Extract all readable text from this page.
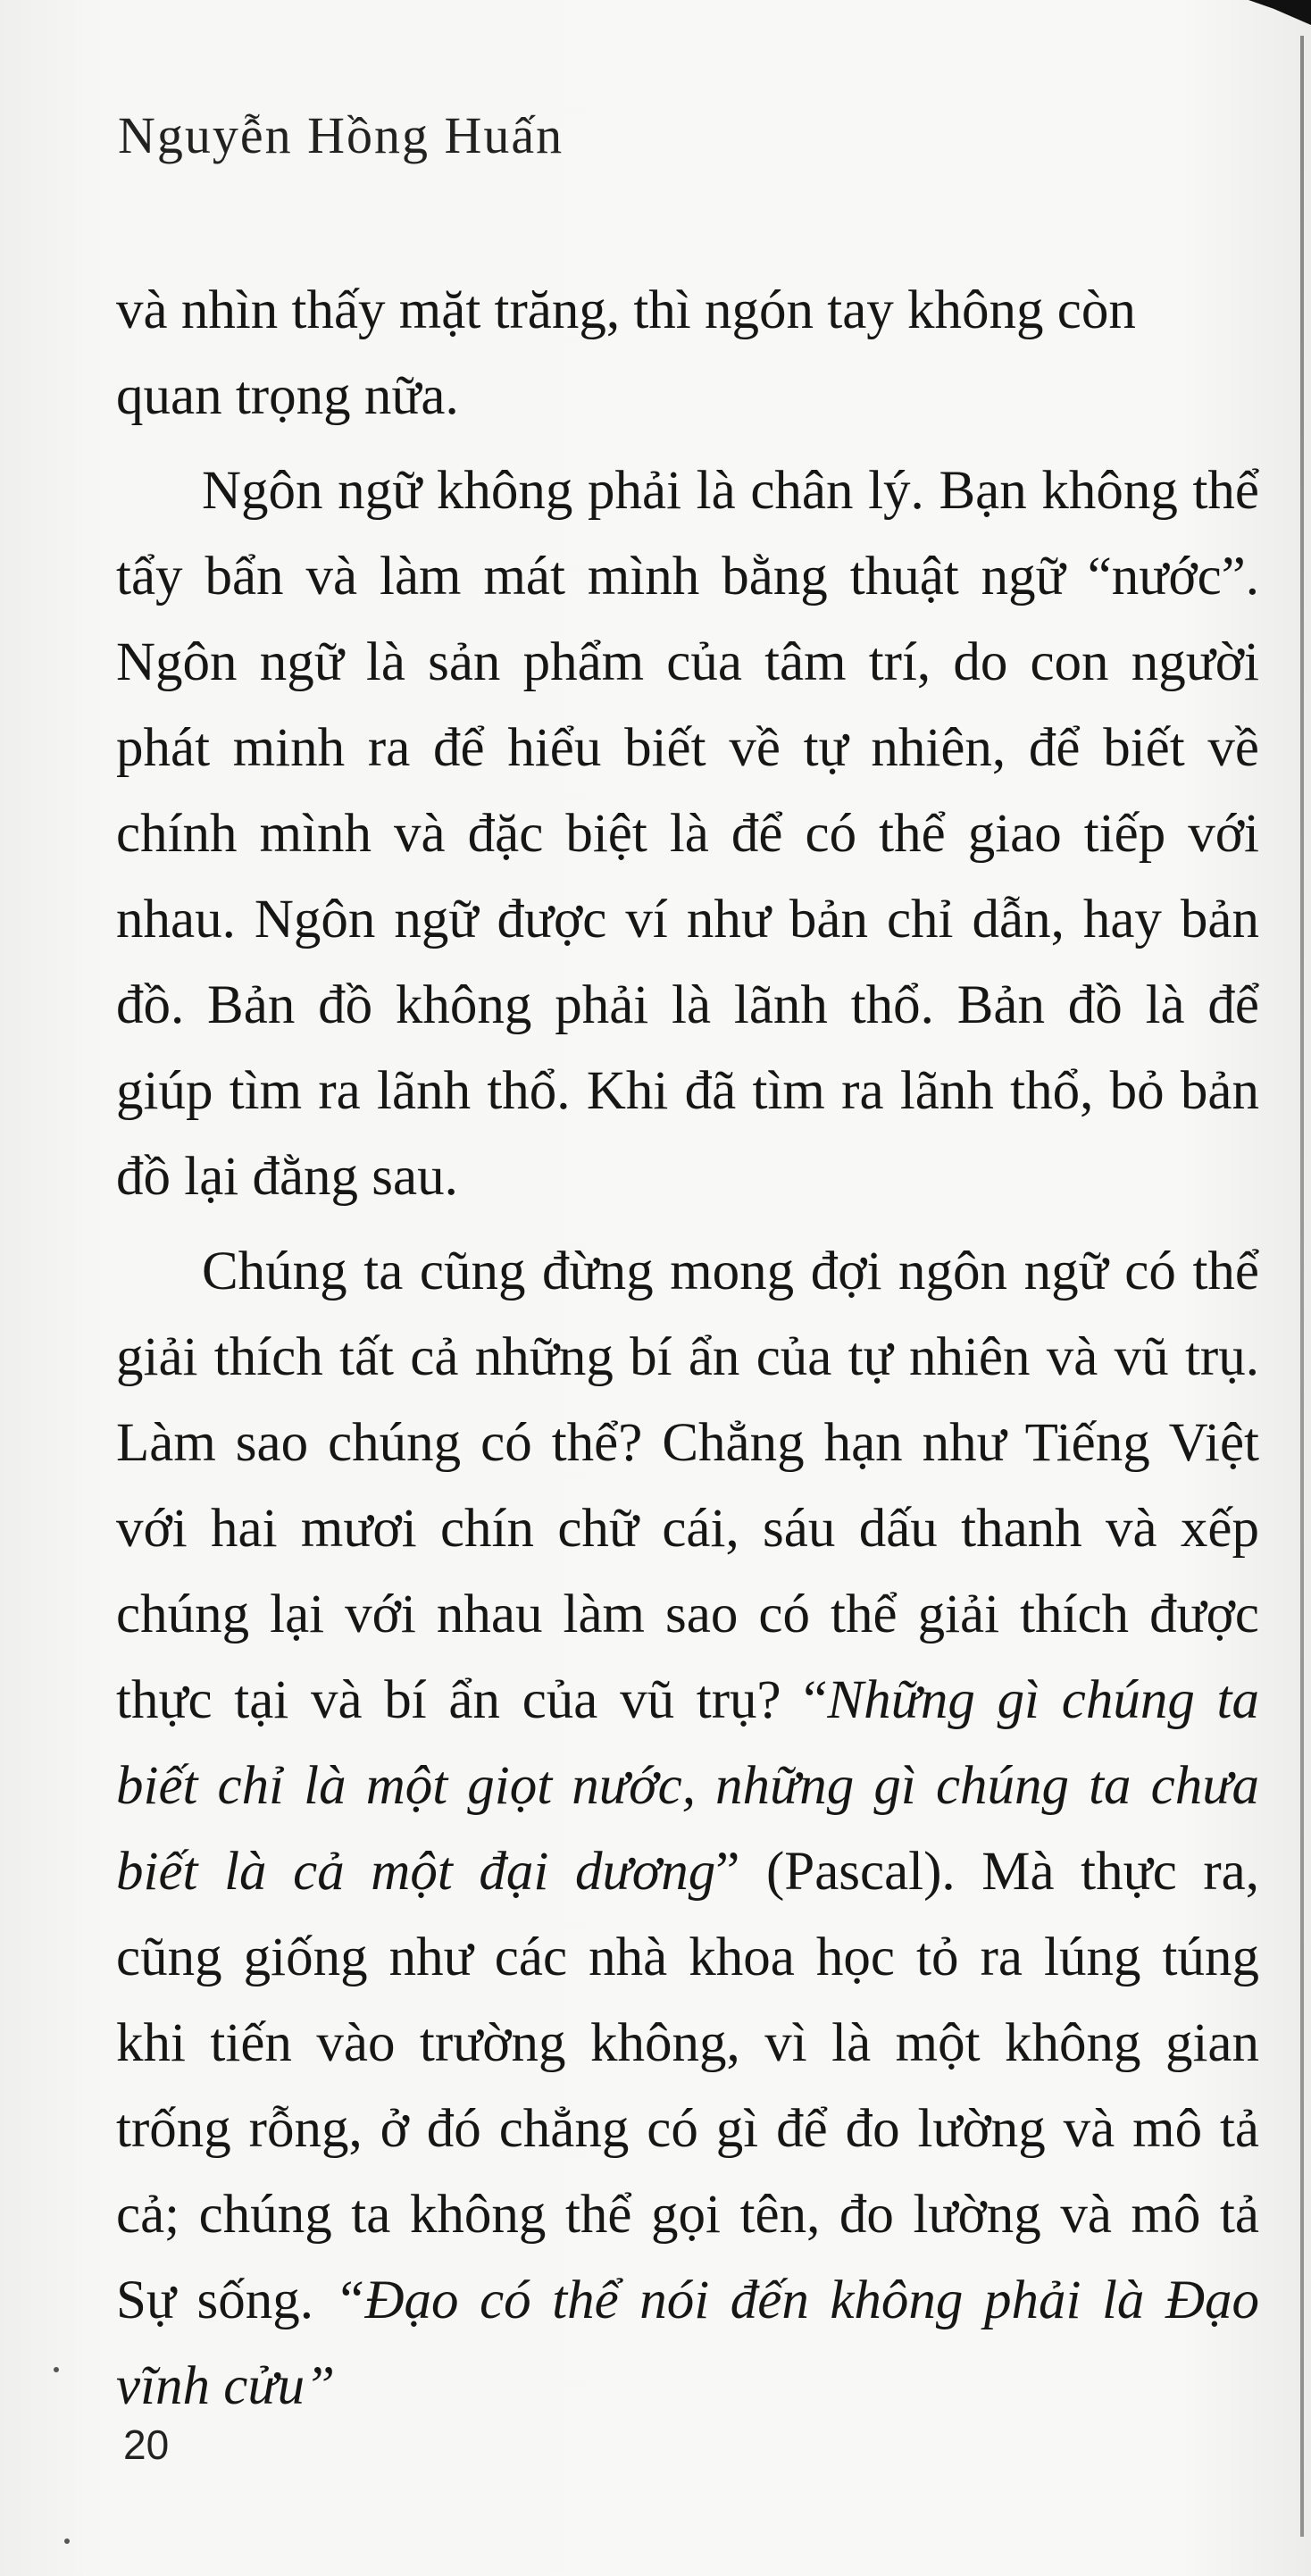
Nguyễn Hồng Huấn

và nhìn thấy mặt trăng, thì ngón tay không còn
quan trọng nữa.

Ngôn ngữ không phải là chân lý. Bạn không thể tẩy bẩn và làm mát mình bằng thuật ngữ “nước”. Ngôn ngữ là sản phẩm của tâm trí, do con người phát minh ra để hiểu biết về tự nhiên, để biết về chính mình và đặc biệt là để có thể giao tiếp với nhau. Ngôn ngữ được ví như bản chỉ dẫn, hay bản đồ. Bản đồ không phải là lãnh thổ. Bản đồ là để giúp tìm ra lãnh thổ. Khi đã tìm ra lãnh thổ, bỏ bản đồ lại đằng sau.

Chúng ta cũng đừng mong đợi ngôn ngữ có thể giải thích tất cả những bí ẩn của tự nhiên và vũ trụ. Làm sao chúng có thể? Chẳng hạn như Tiếng Việt với hai mươi chín chữ cái, sáu dấu thanh và xếp chúng lại với nhau làm sao có thể giải thích được thực tại và bí ẩn của vũ trụ? “Những gì chúng ta biết chỉ là một giọt nước, những gì chúng ta chưa biết là cả một đại dương” (Pascal). Mà thực ra, cũng giống như các nhà khoa học tỏ ra lúng túng khi tiến vào trường không, vì là một không gian trống rỗng, ở đó chẳng có gì để đo lường và mô tả cả; chúng ta không thể gọi tên, đo lường và mô tả Sự sống. “Đạo có thể nói đến không phải là Đạo vĩnh cửu”

20
